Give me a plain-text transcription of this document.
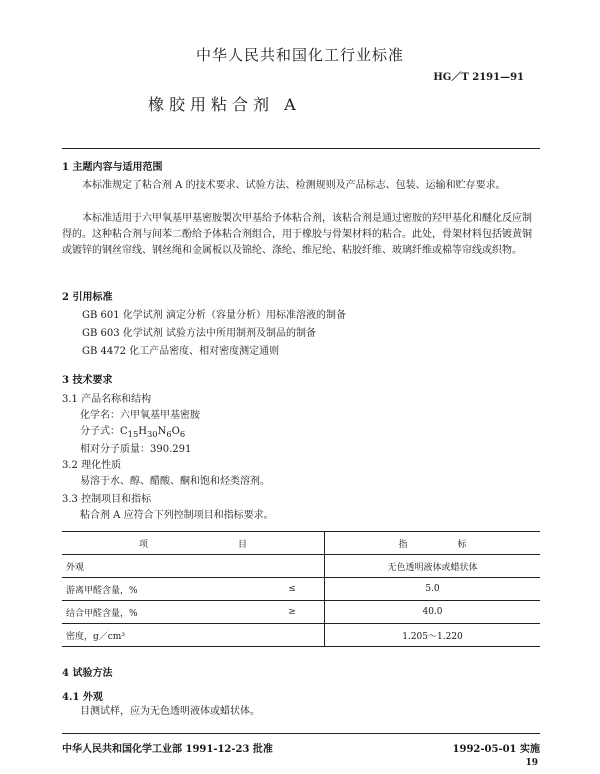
中华人民共和国化工行业标准
HG／T 2191—91
橡胶用粘合剂 A
1 主题内容与适用范围
本标准规定了粘合剂 A 的技术要求、试验方法、检测规则及产品标志、包装、运输和贮存要求。
本标准适用于六甲氧基甲基密胺製次甲基给予体粘合剂，该粘合剂是通过密胺的羟甲基化和醚化反应制得的。这种粘合剂与间苯二酚给予体粘合剂组合，用于橡胶与骨架材料的粘合。此处，骨架材料包括镀黄铜或镀锌的钢丝帘线、钢丝绳和金属板以及锦纶、涤纶、维尼纶、粘胶纤维、玻璃纤维或棉等帘线或织物。
2 引用标准
GB 601 化学试剂 滴定分析（容量分析）用标准溶液的制备
GB 603 化学试剂 试验方法中所用制剂及制品的制备
GB 4472 化工产品密度、相对密度测定通则
3 技术要求
3.1 产品名称和结构
化学名：六甲氧基甲基密胺
分子式：$C_{15}H_{30}N_6O_6$
相对分子质量：390.291
3.2 理化性质
易溶于水、醇、醋酸、酮和饱和烃类溶剂。
3.3 控制项目和指标
粘合剂 A 应符合下列控制项目和指标要求。
项 目		指 标
外观		无色透明液体或蜡状体
游离甲醛含量，%	≤	5.0
结合甲醛含量，%	≥	40.0
密度，g／cm³		1.205～1.220
4 试验方法
4.1 外观
目测试样，应为无色透明液体或蜡状体。
中华人民共和国化学工业部 1991-12-23 批准	1992-05-01 实施
19
